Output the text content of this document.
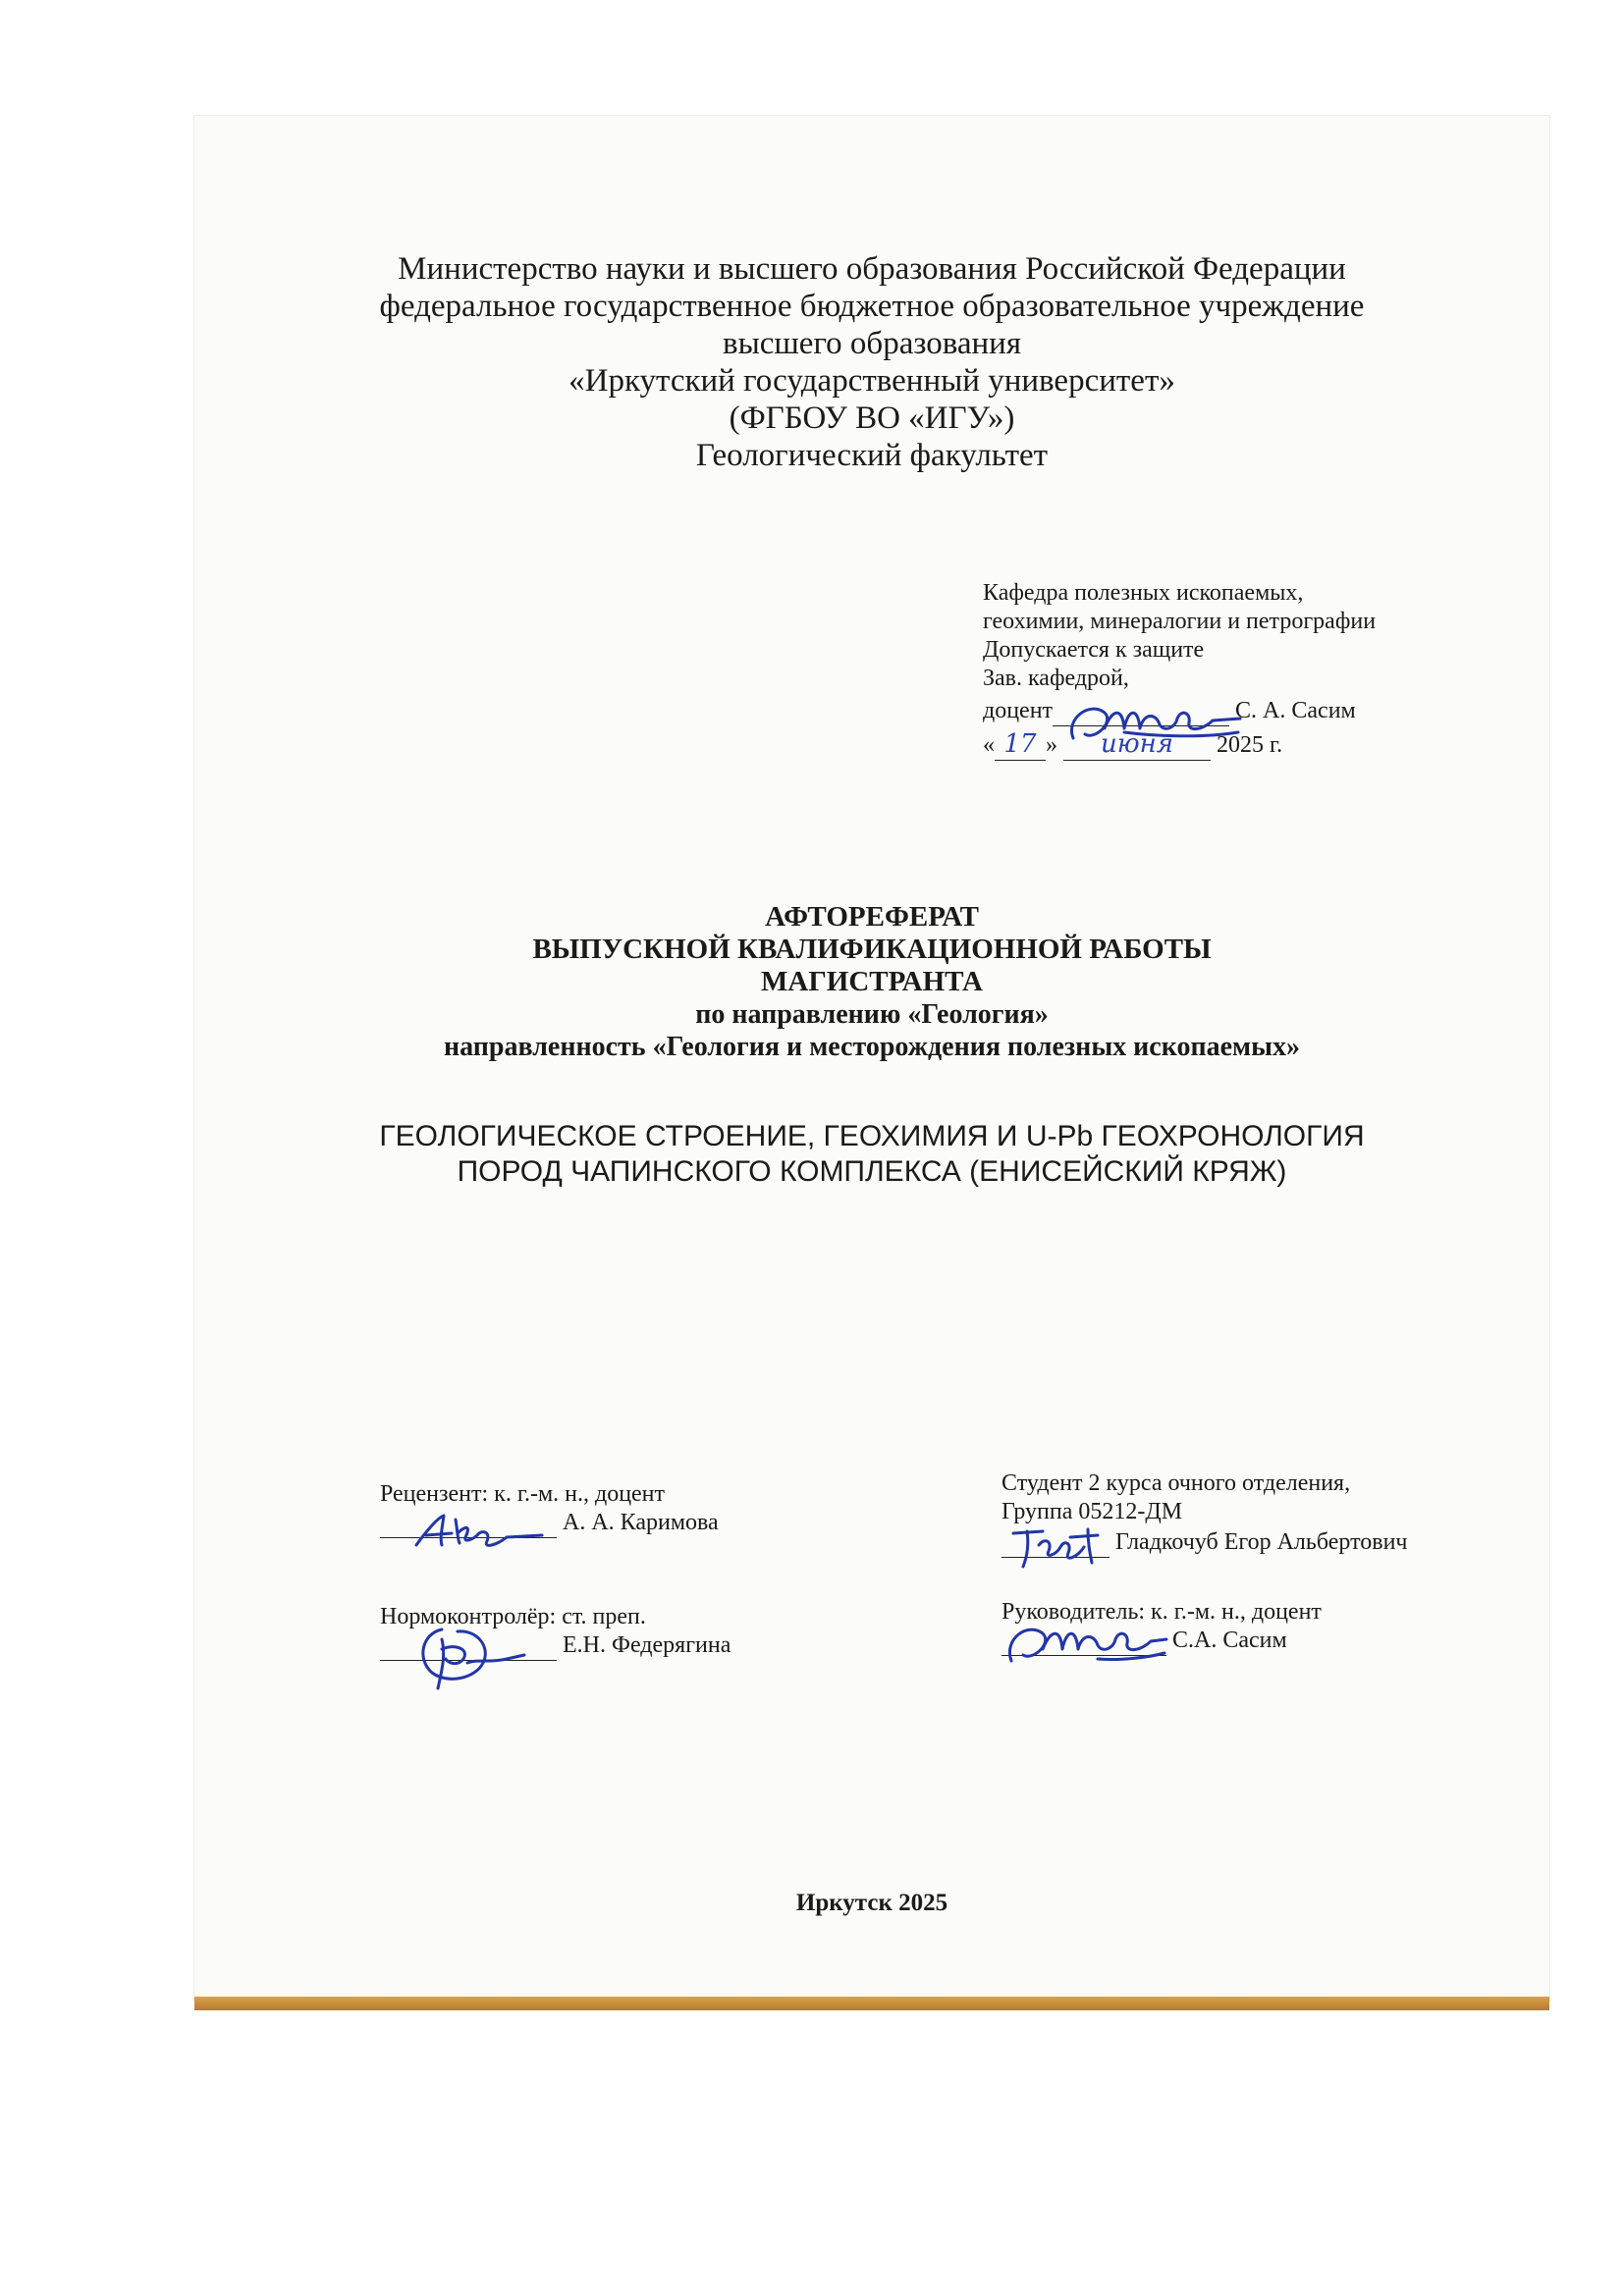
Министерство науки и высшего образования Российской Федерации
федеральное государственное бюджетное образовательное учреждение
высшего образования
«Иркутский государственный университет»
(ФГБОУ ВО «ИГУ»)
Геологический факультет
Кафедра полезных ископаемых,
геохимии, минералогии и петрографии
Допускается к защите
Зав. кафедрой,
доцент	С. А. Сасим
« 17 » июня 2025 г.
АФТОРЕФЕРАТ
ВЫПУСКНОЙ КВАЛИФИКАЦИОННОЙ РАБОТЫ
МАГИСТРАНТА
по направлению «Геология»
направленность «Геология и месторождения полезных ископаемых»
ГЕОЛОГИЧЕСКОЕ СТРОЕНИЕ, ГЕОХИМИЯ И U-Pb ГЕОХРОНОЛОГИЯ
ПОРОД ЧАПИНСКОГО КОМПЛЕКСА (ЕНИСЕЙСКИЙ КРЯЖ)
Рецензент: к. г.-м. н., доцент
А. А. Каримова
Нормоконтролёр: ст. преп.
Е.Н. Федерягина
Студент 2 курса очного отделения,
Группа 05212-ДМ
Гладкочуб Егор Альбертович
Руководитель: к. г.-м. н., доцент
С.А. Сасим
Иркутск 2025
